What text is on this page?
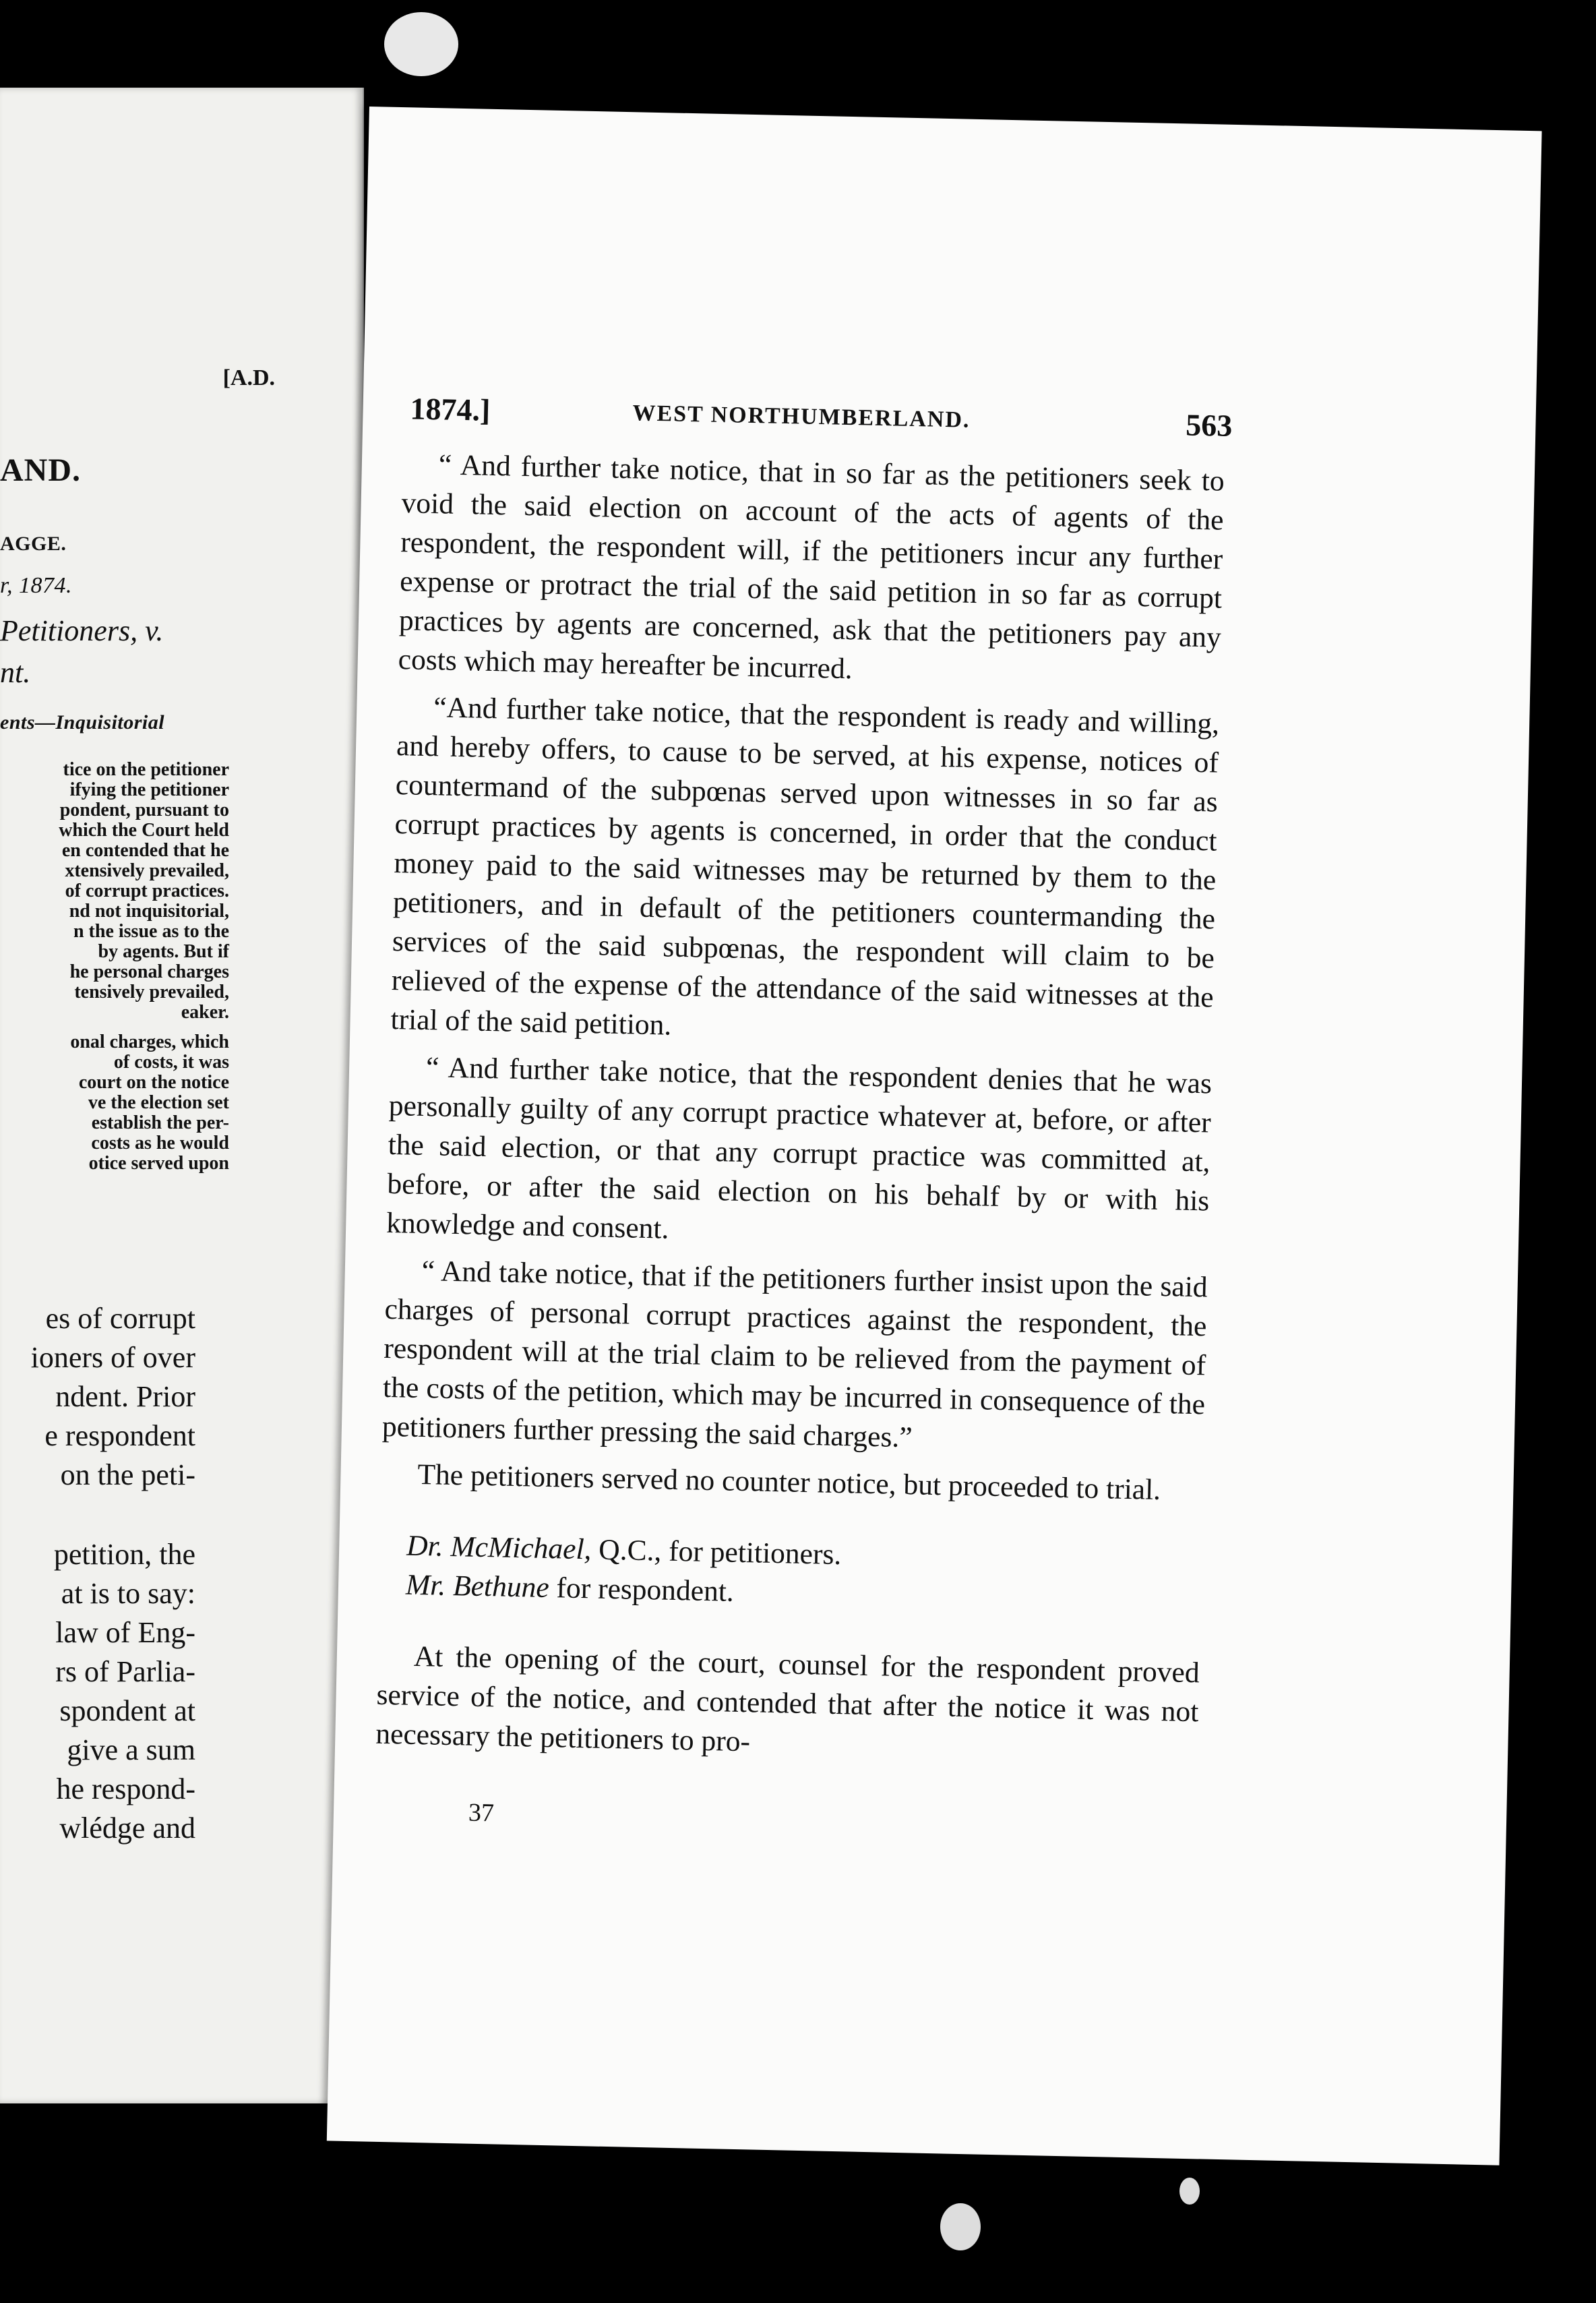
[A.D.
AND.
AGGE.
r, 1874.
Petitioners, v.
nt.
ents—Inquisitorial
tice on the petitioner
ifying the petitioner
pondent, pursuant to
which the Court held
en contended that he
xtensively prevailed,
of corrupt practices.
nd not inquisitorial,
n the issue as to the
by agents. But if
he personal charges
tensively prevailed,
eaker.
onal charges, which
of costs, it was
court on the notice
ve the election set
establish the per-
costs as he would
otice served upon
es of corrupt
ioners of over
ndent. Prior
e respondent
on the peti-
petition, the
at is to say:
law of Eng-
rs of Parlia-
spondent at
give a sum
he respond-
wlédge and
1874.]	WEST NORTHUMBERLAND.	563

“ And further take notice, that in so far as the petitioners seek to void the said election on account of the acts of agents of the respondent, the respondent will, if the petitioners incur any further expense or protract the trial of the said petition in so far as corrupt practices by agents are concerned, ask that the petitioners pay any costs which may hereafter be incurred.

“And further take notice, that the respondent is ready and willing, and hereby offers, to cause to be served, at his expense, notices of countermand of the subpœnas served upon witnesses in so far as corrupt practices by agents is concerned, in order that the conduct money paid to the said witnesses may be returned by them to the petitioners, and in default of the petitioners countermanding the services of the said subpœnas, the respondent will claim to be relieved of the expense of the attendance of the said witnesses at the trial of the said petition.

“ And further take notice, that the respondent denies that he was personally guilty of any corrupt practice whatever at, before, or after the said election, or that any corrupt practice was committed at, before, or after the said election on his behalf by or with his knowledge and consent.

“ And take notice, that if the petitioners further insist upon the said charges of personal corrupt practices against the respondent, the respondent will at the trial claim to be relieved from the payment of the costs of the petition, which may be incurred in consequence of the petitioners further pressing the said charges.”

The petitioners served no counter notice, but proceeded to trial.

Dr. McMichael, Q.C., for petitioners.

Mr. Bethune for respondent.

At the opening of the court, counsel for the respondent proved service of the notice, and contended that after the notice it was not necessary the petitioners to pro-

37
